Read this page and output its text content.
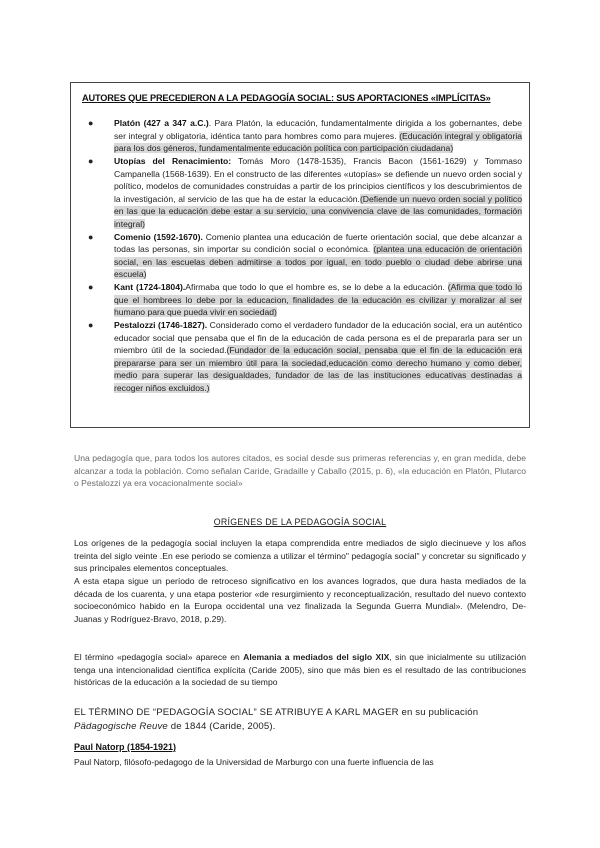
AUTORES QUE PRECEDIERON A LA PEDAGOGÍA SOCIAL: SUS APORTACIONES «IMPLÍCITAS»
● Platón (427 a 347 a.C.). Para Platón, la educación, fundamentalmente dirigida a los gobernantes, debe ser integral y obligatoria, idéntica tanto para hombres como para mujeres. (Educación integral y obligatoria para los dos géneros, fundamentalmente educación política con participación ciudadana)
● Utopías del Renacimiento: Tomás Moro (1478-1535), Francis Bacon (1561-1629) y Tommaso Campanella (1568-1639). En el constructo de las diferentes «utopías» se defiende un nuevo orden social y político, modelos de comunidades construidas a partir de los principios científicos y los descubrimientos de la investigación, al servicio de las que ha de estar la educación.(Defiende un nuevo orden social y político en las que la educación debe estar a su servicio, una convivencia clave de las comunidades, formación integral)
● Comenio (1592-1670). Comenio plantea una educación de fuerte orientación social, que debe alcanzar a todas las personas, sin importar su condición social o económica. (plantea una educación de orientación social, en las escuelas deben admitirse a todos por igual, en todo pueblo o ciudad debe abrirse una escuela)
● Kant (1724-1804).Afirmaba que todo lo que el hombre es, se lo debe a la educación. (Afirma que todo lo que el hombrees lo debe por la educacion, finalidades de la educación es civilizar y moralizar al ser humano para que pueda vivir en sociedad)
● Pestalozzi (1746-1827). Considerado como el verdadero fundador de la educación social, era un auténtico educador social que pensaba que el fin de la educación de cada persona es el de prepararla para ser un miembro útil de la sociedad.(Fundador de la educación social, pensaba que el fin de la educación era prepararse para ser un miembro útil para la sociedad,educación como derecho humano y como deber, medio para superar las desigualdades, fundador de las de las instituciones educativas destinadas a recoger niños excluidos.)

Una pedagogía que, para todos los autores citados, es social desde sus primeras referencias y, en gran medida, debe alcanzar a toda la población. Como señalan Caride, Gradaille y Caballo (2015, p. 6), «la educación en Platón, Plutarco o Pestalozzi ya era vocacionalmente social»

ORÍGENES DE LA PEDAGOGÍA SOCIAL

Los orígenes de la pedagogía social incluyen la etapa comprendida entre mediados de siglo diecinueve y los años treinta del siglo veinte .En ese periodo se comienza a utilizar el término" pedagogía social" y concretar su significado y sus principales elementos conceptuales.

A esta etapa sigue un período de retroceso significativo en los avances logrados, que dura hasta mediados de la década de los cuarenta, y una etapa posterior «de resurgimiento y reconceptualización, resultado del nuevo contexto socioeconómico habido en la Europa occidental una vez finalizada la Segunda Guerra Mundial». (Melendro, De-Juanas y Rodríguez-Bravo, 2018, p.29).

El término «pedagogía social» aparece en Alemania a mediados del siglo XIX, sin que inicialmente su utilización tenga una intencionalidad científica explícita (Caride 2005), sino que más bien es el resultado de las contribuciones históricas de la educación a la sociedad de su tiempo

EL TÉRMINO DE “PEDAGOGÍA SOCIAL” SE ATRIBUYE A KARL MAGER en su publicación Pädagogische Reuve de 1844 (Caride, 2005).

Paul Natorp (1854-1921)

Paul Natorp, filósofo-pedagogo de la Universidad de Marburgo con una fuerte influencia de las
